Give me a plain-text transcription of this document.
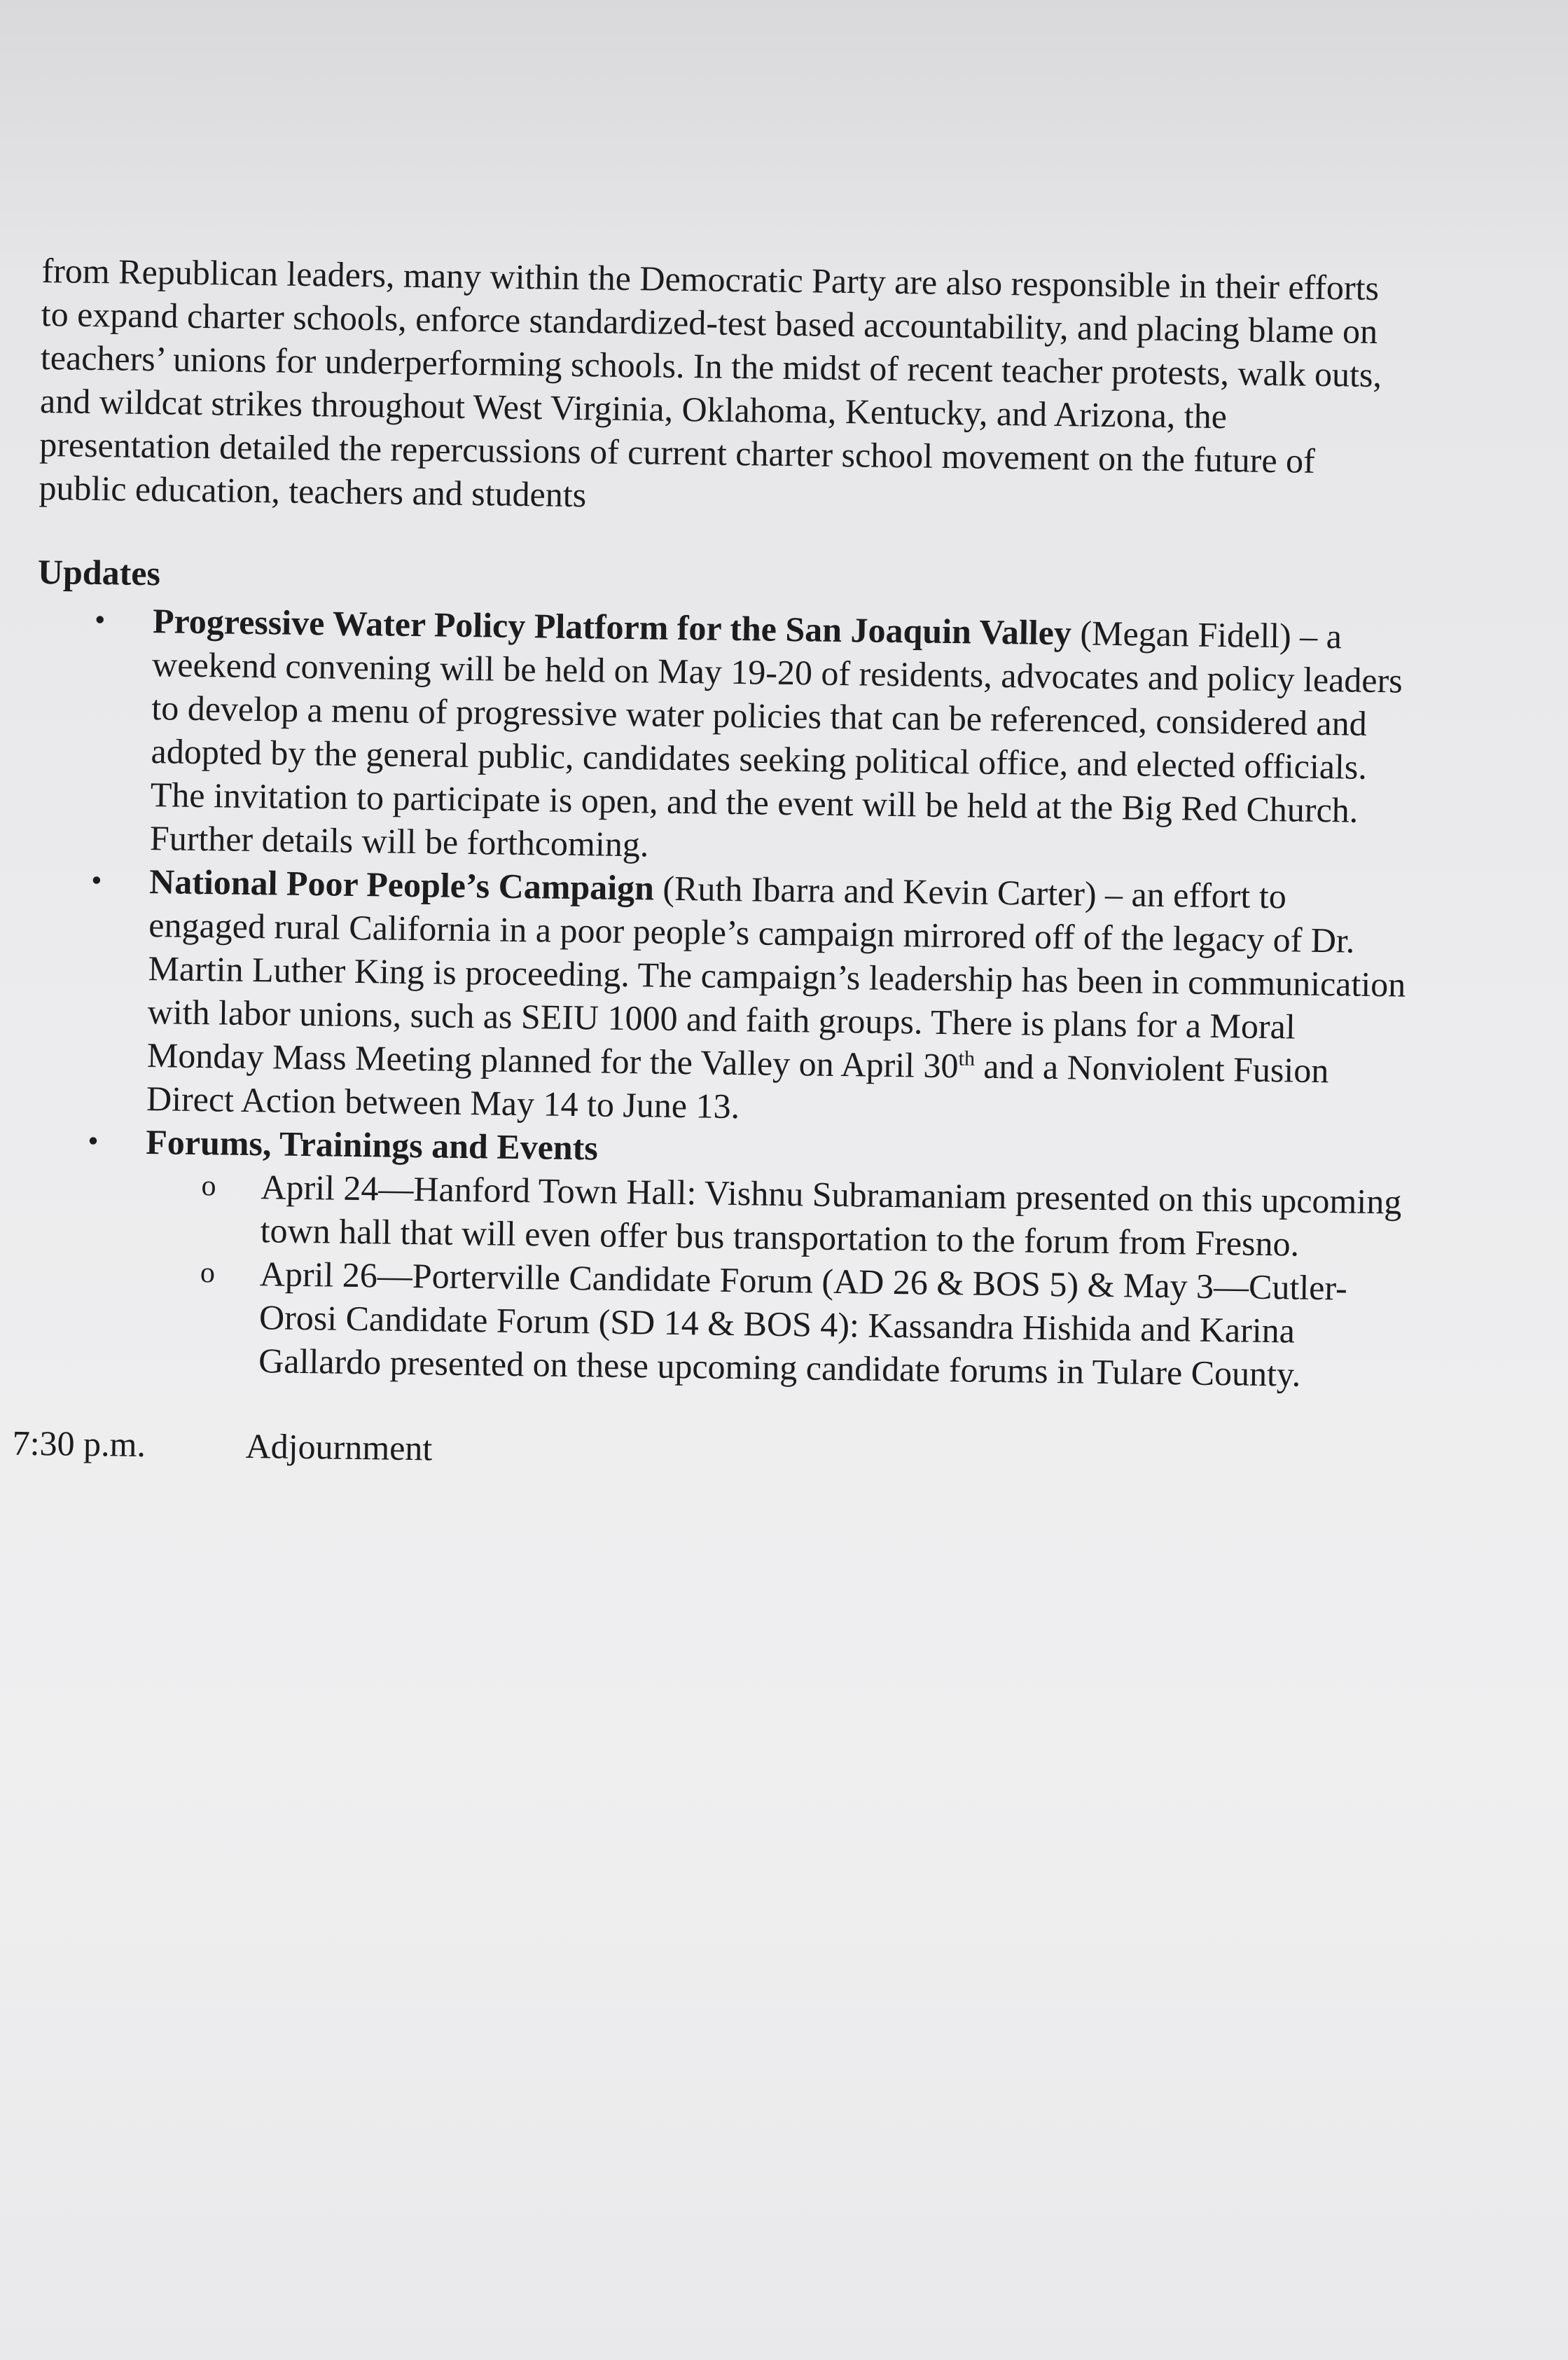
from Republican leaders, many within the Democratic Party are also responsible in their efforts
to expand charter schools, enforce standardized-test based accountability, and placing blame on
teachers’ unions for underperforming schools. In the midst of recent teacher protests, walk outs,
and wildcat strikes throughout West Virginia, Oklahoma, Kentucky, and Arizona, the
presentation detailed the repercussions of current charter school movement on the future of
public education, teachers and students
Updates
• Progressive Water Policy Platform for the San Joaquin Valley (Megan Fidell) – a
weekend convening will be held on May 19-20 of residents, advocates and policy leaders
to develop a menu of progressive water policies that can be referenced, considered and
adopted by the general public, candidates seeking political office, and elected officials.
The invitation to participate is open, and the event will be held at the Big Red Church.
Further details will be forthcoming.
• National Poor People’s Campaign (Ruth Ibarra and Kevin Carter) – an effort to
engaged rural California in a poor people’s campaign mirrored off of the legacy of Dr.
Martin Luther King is proceeding. The campaign’s leadership has been in communication
with labor unions, such as SEIU 1000 and faith groups. There is plans for a Moral
Monday Mass Meeting planned for the Valley on April 30th and a Nonviolent Fusion
Direct Action between May 14 to June 13.
• Forums, Trainings and Events
o April 24—Hanford Town Hall: Vishnu Subramaniam presented on this upcoming
town hall that will even offer bus transportation to the forum from Fresno.
o April 26—Porterville Candidate Forum (AD 26 & BOS 5) & May 3—Cutler-
Orosi Candidate Forum (SD 14 & BOS 4): Kassandra Hishida and Karina
Gallardo presented on these upcoming candidate forums in Tulare County.
7:30 p.m.	Adjournment
